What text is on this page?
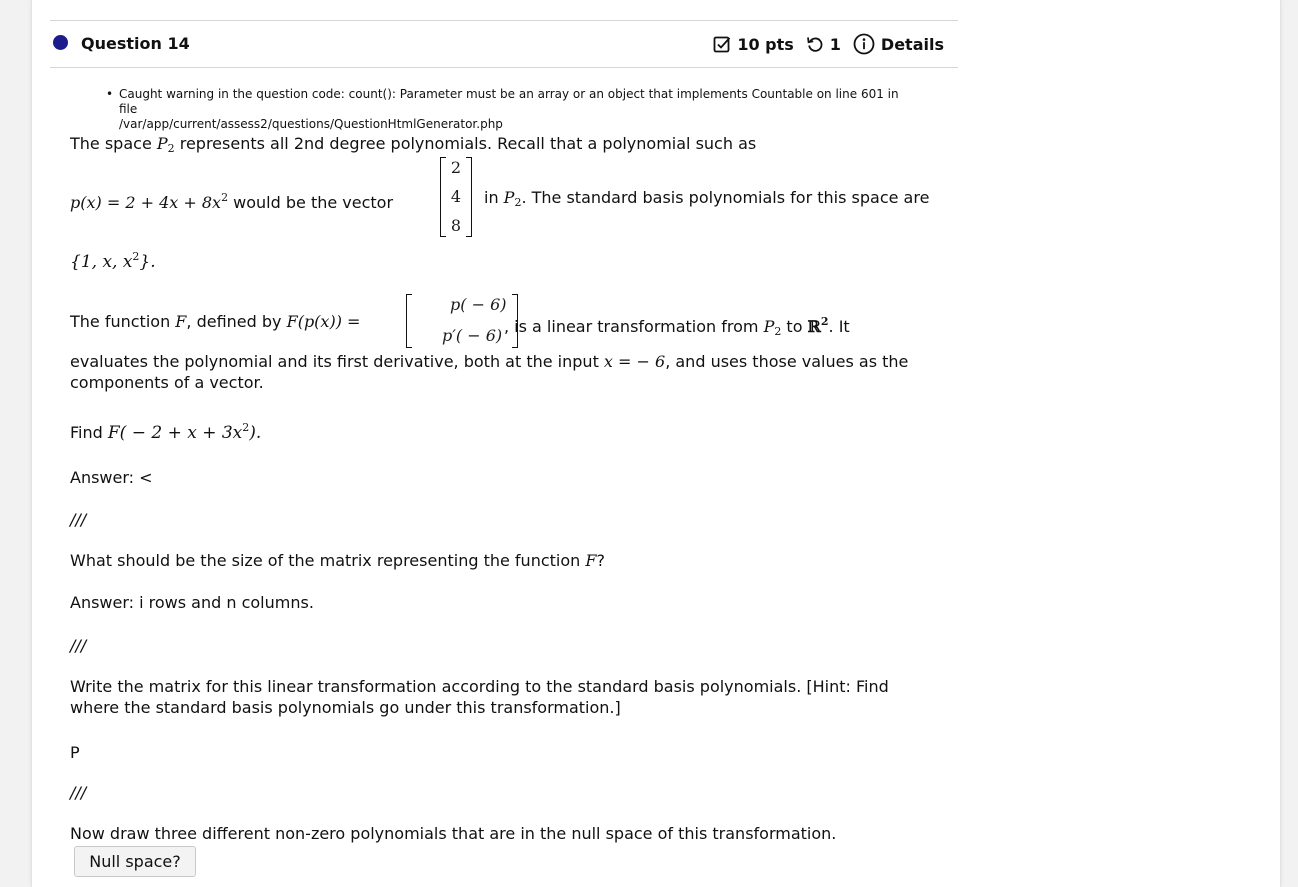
Question 14	10 pts 1	Details
• Caught warning in the question code: count(): Parameter must be an array or an object that implements Countable on line 601 in file
/var/app/current/assess2/questions/QuestionHtmlGenerator.php
The space $P_2$ represents all 2nd degree polynomials. Recall that a polynomial such as
$p(x) = 2 + 4x + 8x^2$ would be the vector
2
4
8
in $P_2$. The standard basis polynomials for this space are
{1, x, $x^2$}.
The function F, defined by F(p(x)) =
p( − 6)
p′( − 6) , is a linear transformation from $P_2$ to ℝ$^2$. It
evaluates the polynomial and its first derivative, both at the input x = − 6, and uses those values as the
components of a vector.
Find $F( - 2 + x + 3x^2)$.
Answer: <
///
What should be the size of the matrix representing the function F?
Answer: i rows and n columns.
///
Write the matrix for this linear transformation according to the standard basis polynomials. [Hint: Find
where the standard basis polynomials go under this transformation.]
P
///
Now draw three different non-zero polynomials that are in the null space of this transformation.
Null space?
